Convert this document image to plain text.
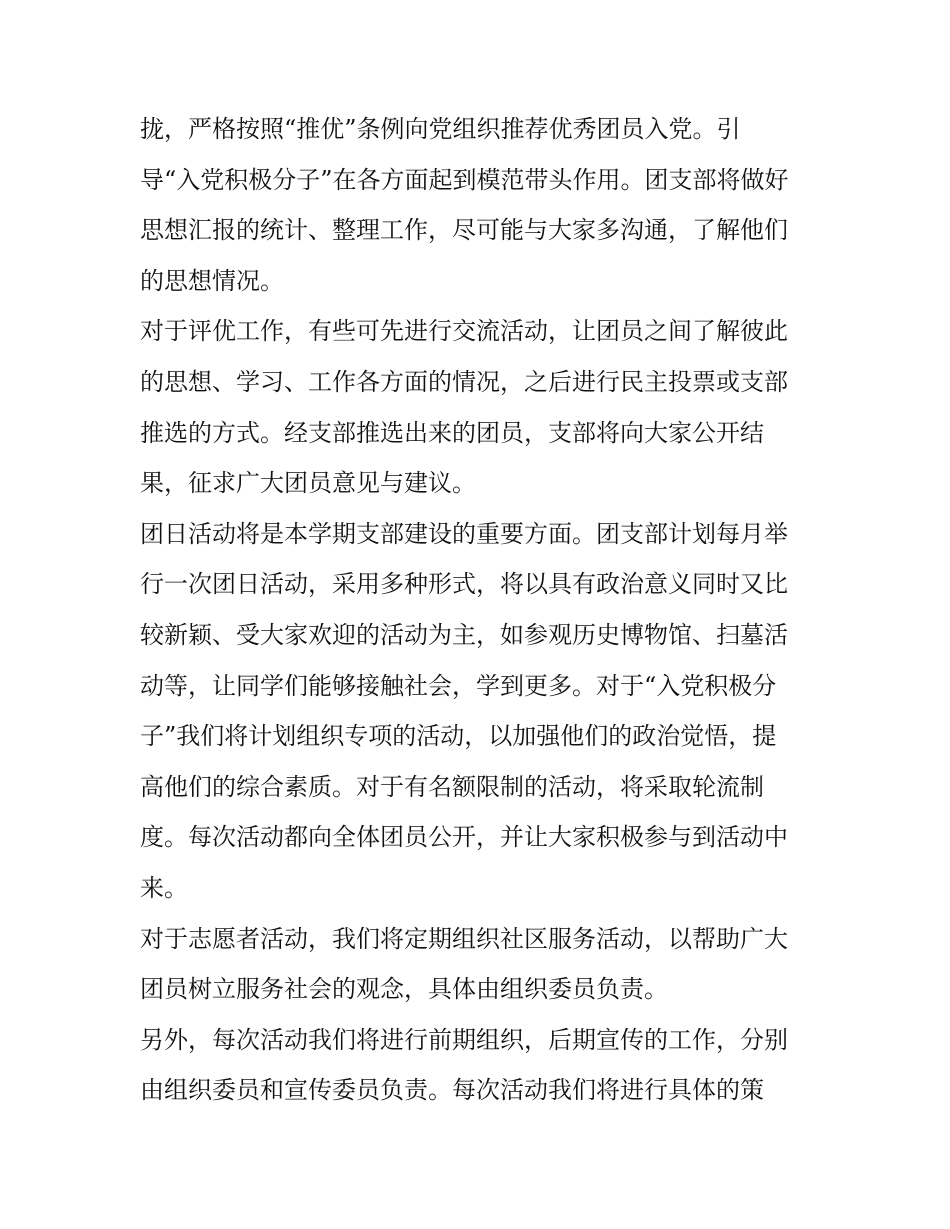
拢，严格按照“推优”条例向党组织推荐优秀团员入党。引
导“入党积极分子”在各方面起到模范带头作用。团支部将做好
思想汇报的统计、整理工作，尽可能与大家多沟通，了解他们
的思想情况。
对于评优工作，有些可先进行交流活动，让团员之间了解彼此
的思想、学习、工作各方面的情况，之后进行民主投票或支部
推选的方式。经支部推选出来的团员，支部将向大家公开结
果，征求广大团员意见与建议。
团日活动将是本学期支部建设的重要方面。团支部计划每月举
行一次团日活动，采用多种形式，将以具有政治意义同时又比
较新颖、受大家欢迎的活动为主，如参观历史博物馆、扫墓活
动等，让同学们能够接触社会，学到更多。对于“入党积极分
子”我们将计划组织专项的活动，以加强他们的政治觉悟，提
高他们的综合素质。对于有名额限制的活动，将采取轮流制
度。每次活动都向全体团员公开，并让大家积极参与到活动中
来。
对于志愿者活动，我们将定期组织社区服务活动，以帮助广大
团员树立服务社会的观念，具体由组织委员负责。
另外，每次活动我们将进行前期组织，后期宣传的工作，分别
由组织委员和宣传委员负责。每次活动我们将进行具体的策
